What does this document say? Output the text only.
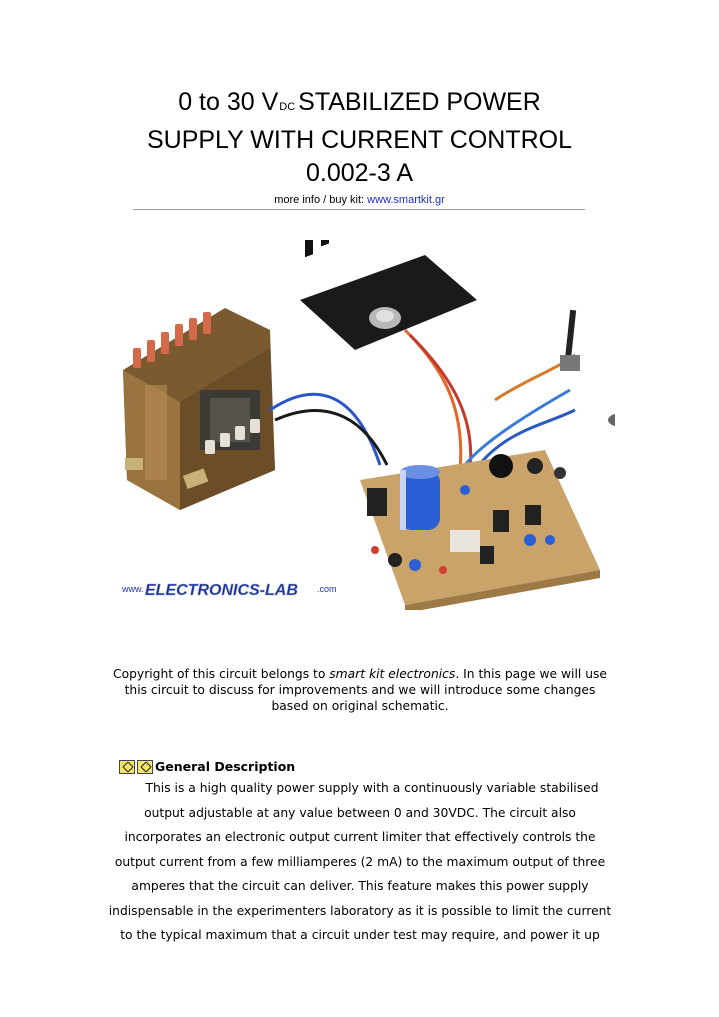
0 to 30 VDC STABILIZED POWER
SUPPLY WITH CURRENT CONTROL
0.002-3 A
more info / buy kit: www.smartkit.gr
www. ELECTRONICS-LAB .com
Copyright of this circuit belongs to smart kit electronics. In this page we will use this circuit to discuss for improvements and we will introduce some changes based on original schematic.
General Description

This is a high quality power supply with a continuously variable stabilised

output adjustable at any value between 0 and 30VDC. The circuit also

incorporates an electronic output current limiter that effectively controls the

output current from a few milliamperes (2 mA) to the maximum output of three

amperes that the circuit can deliver. This feature makes this power supply

indispensable in the experimenters laboratory as it is possible to limit the current

to the typical maximum that a circuit under test may require, and power it up
